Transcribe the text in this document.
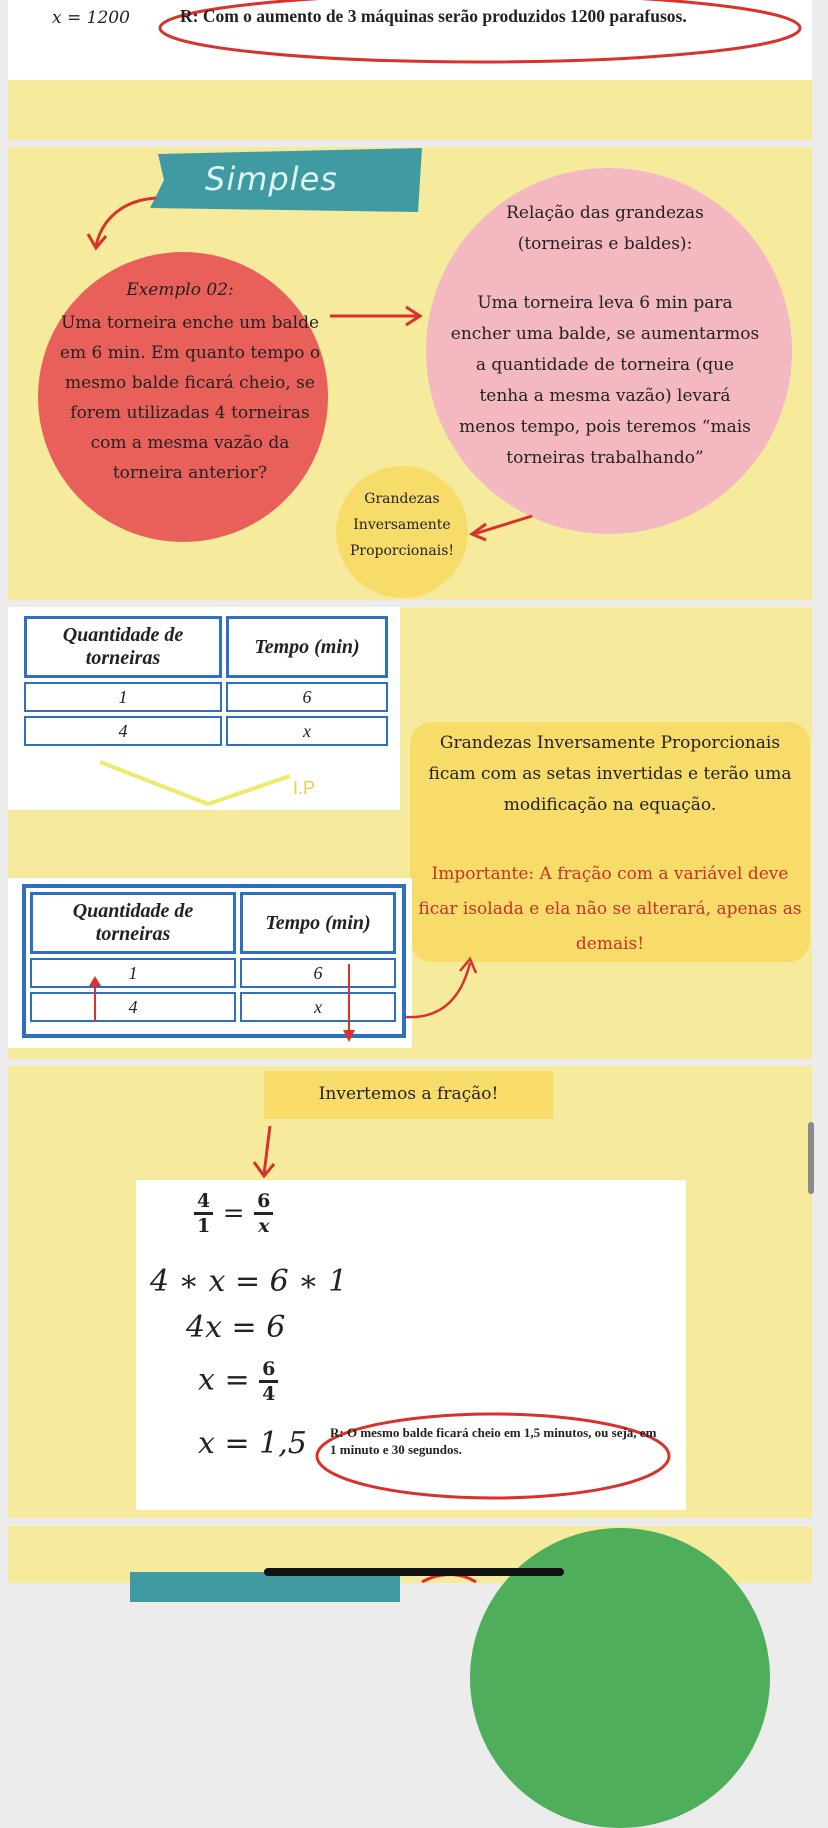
x = 1200	R: Com o aumento de 3 máquinas serão produzidos 1200 parafusos.
Simples
Exemplo 02:
Uma torneira enche um balde em 6 min. Em quanto tempo o mesmo balde ficará cheio, se forem utilizadas 4 torneiras com a mesma vazão da torneira anterior?
Relação das grandezas (torneiras e baldes):
Uma torneira leva 6 min para encher uma balde, se aumentarmos a quantidade de torneira (que tenha a mesma vazão) levará menos tempo, pois teremos “mais torneiras trabalhando”
Grandezas Inversamente Proporcionais!
Quantidade de torneiras	Tempo (min)
1	6
4	x
I.P
Grandezas Inversamente Proporcionais ficam com as setas invertidas e terão uma modificação na equação.
Importante: A fração com a variável deve ficar isolada e ela não se alterará, apenas as demais!
Quantidade de torneiras	Tempo (min)
1	6
4	x
Invertemos a fração!
$\frac{4}{1} = \frac{6}{x}$
4 ∗ x = 6 ∗ 1
4x = 6
$x = \frac{6}{4}$
x = 1,5 R: O mesmo balde ficará cheio em 1,5 minutos, ou seja, em 1 minuto e 30 segundos.
